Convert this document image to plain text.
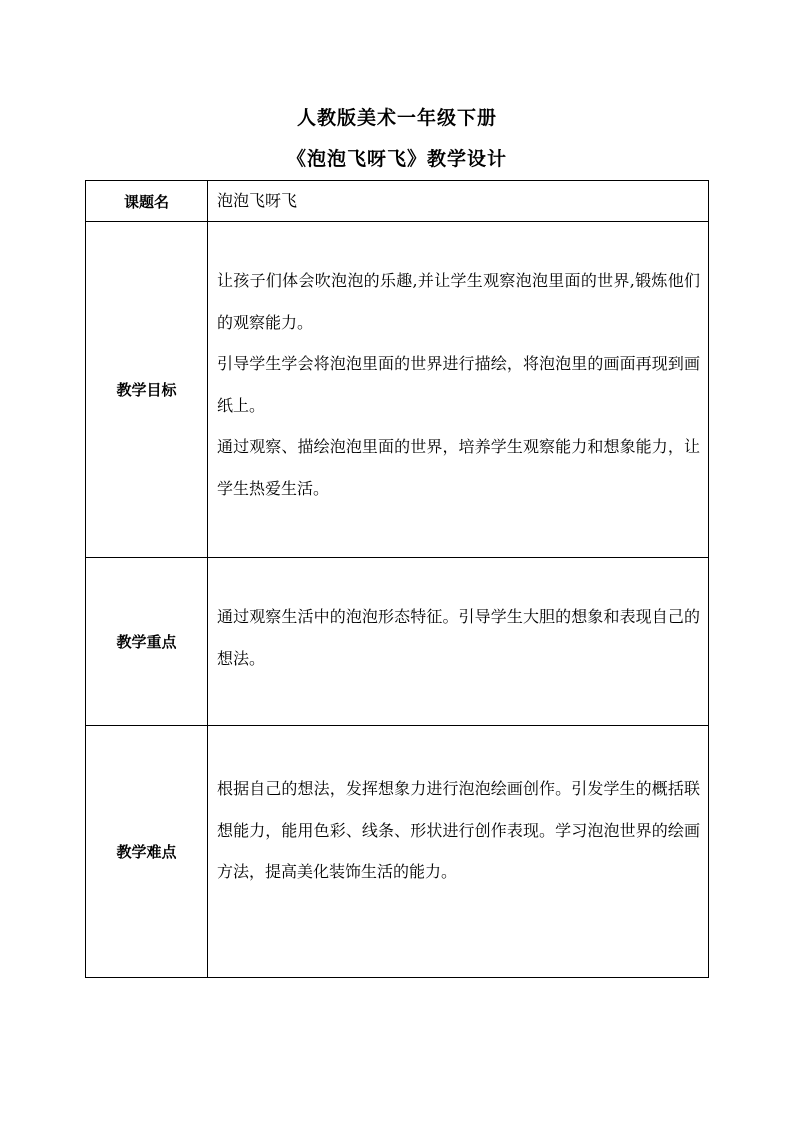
人教版美术一年级下册
《泡泡飞呀飞》教学设计
课题名	泡泡飞呀飞

教学目标	让孩子们体会吹泡泡的乐趣,并让学生观察泡泡里面的世界,锻炼他们的观察能力。
引导学生学会将泡泡里面的世界进行描绘，将泡泡里的画面再现到画纸上。
通过观察、描绘泡泡里面的世界，培养学生观察能力和想象能力，让学生热爱生活。

教学重点	通过观察生活中的泡泡形态特征。引导学生大胆的想象和表现自己的想法。

教学难点	根据自己的想法，发挥想象力进行泡泡绘画创作。引发学生的概括联想能力，能用色彩、线条、形状进行创作表现。学习泡泡世界的绘画方法，提高美化装饰生活的能力。
